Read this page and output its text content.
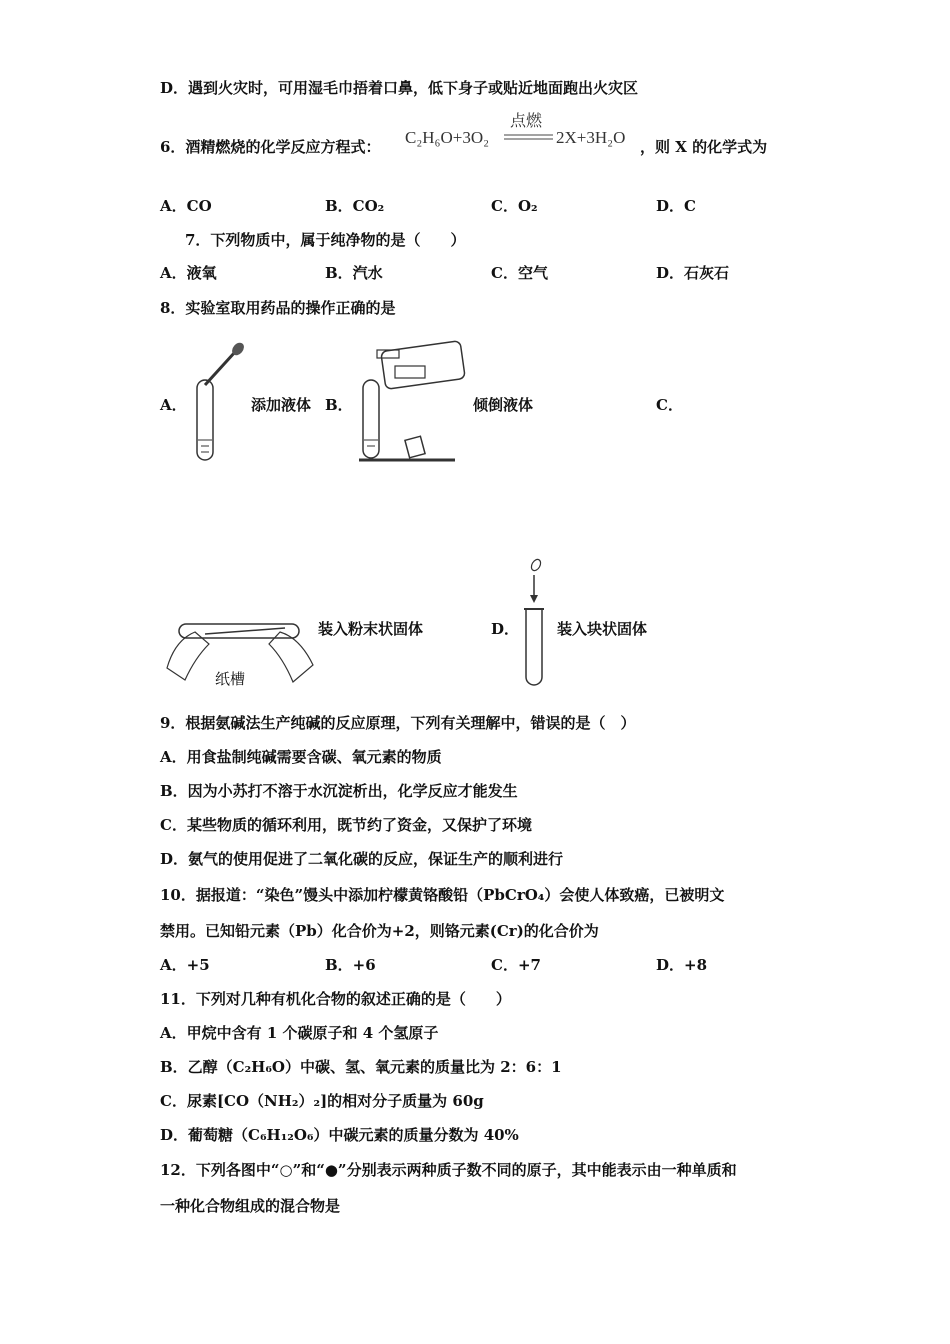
D．遇到火灾时，可用湿毛巾捂着口鼻，低下身子或贴近地面跑出火灾区
6．酒精燃烧的化学反应方程式： C₂H₆O+3O₂
点燃
2X+3H₂O ，则 X 的化学式为
A．CO	B．CO₂	C．O₂	D．C
7．下列物质中，属于纯净物的是（　　）
A．液氧	B．汽水	C．空气	D．石灰石
8．实验室取用药品的操作正确的是
A．	添加液体 B．	倾倒液体	C．
纸槽
装入粉末状固体	D．	装入块状固体
9．根据氨碱法生产纯碱的反应原理，下列有关理解中，错误的是（　）
A．用食盐制纯碱需要含碳、氧元素的物质
B．因为小苏打不溶于水沉淀析出，化学反应才能发生
C．某些物质的循环利用，既节约了资金，又保护了环境
D．氨气的使用促进了二氧化碳的反应，保证生产的顺利进行
10．据报道：“染色”馒头中添加柠檬黄铬酸铅（PbCrO₄）会使人体致癌，已被明文
禁用。已知铅元素（Pb）化合价为+2，则铬元素(Cr)的化合价为
A．+5	B．+6	C．+7	D．+8
11．下列对几种有机化合物的叙述正确的是（　　）
A．甲烷中含有 1 个碳原子和 4 个氢原子
B．乙醇（C₂H₆O）中碳、氢、氧元素的质量比为 2：6：1
C．尿素[CO（NH₂）₂]的相对分子质量为 60g
D．葡萄糖（C₆H₁₂O₆）中碳元素的质量分数为 40%
12．下列各图中“○”和“●”分别表示两种质子数不同的原子，其中能表示由一种单质和
一种化合物组成的混合物是
